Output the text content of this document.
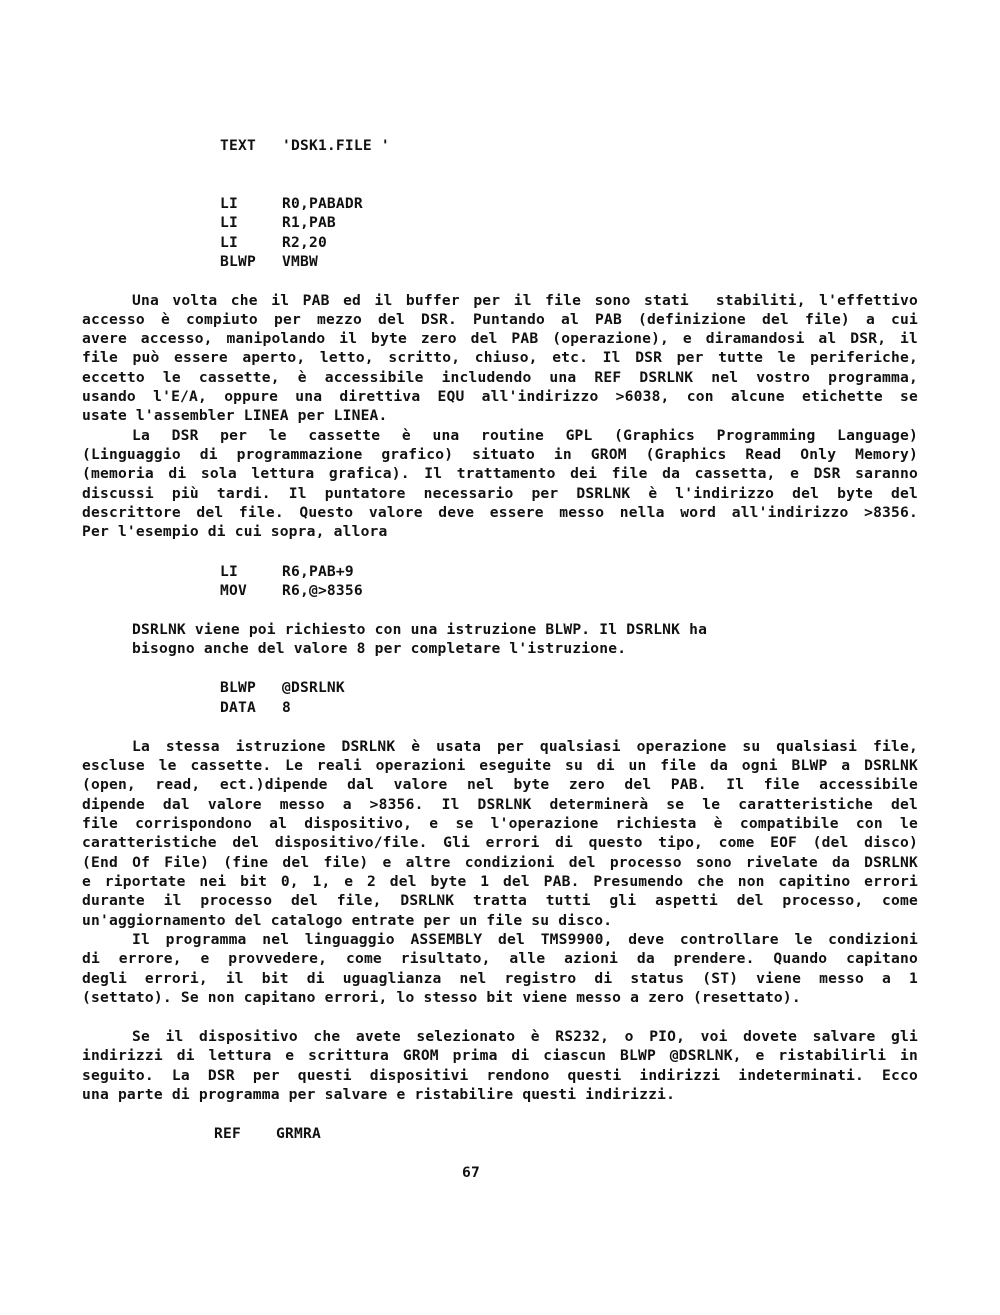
TEXT 'DSK1.FILE '
LI	R0,PABADR
LI	R1,PAB
LI	R2,20
BLWP VMBW
Una volta che il PAB ed il buffer per il file sono stati  stabiliti, l'effettivo
accesso è compiuto per mezzo del DSR. Puntando al PAB (definizione del file) a cui
avere accesso, manipolando il byte zero del PAB (operazione), e diramandosi al DSR, il
file può essere aperto, letto, scritto, chiuso, etc. Il DSR per tutte le periferiche,
eccetto le cassette, è accessibile includendo una REF DSRLNK nel vostro programma,
usando l'E/A, oppure una direttiva EQU all'indirizzo >6038, con alcune etichette se
usate l'assembler LINEA per LINEA.
La DSR per le cassette è una routine GPL (Graphics Programming Language)
(Linguaggio di programmazione grafico) situato in GROM (Graphics Read Only Memory)
(memoria di sola lettura grafica). Il trattamento dei file da cassetta, e DSR saranno
discussi più tardi. Il puntatore necessario per DSRLNK è l'indirizzo del byte del
descrittore del file. Questo valore deve essere messo nella word all'indirizzo >8356.
Per l'esempio di cui sopra, allora
LI	R6,PAB+9
MOV R6,@>8356
DSRLNK viene poi richiesto con una istruzione BLWP. Il DSRLNK ha
bisogno anche del valore 8 per completare l'istruzione.
BLWP @DSRLNK
DATA 8
La stessa istruzione DSRLNK è usata per qualsiasi operazione su qualsiasi file,
escluse le cassette. Le reali operazioni eseguite su di un file da ogni BLWP a DSRLNK
(open, read, ect.)dipende dal valore nel byte zero del PAB. Il file accessibile
dipende dal valore messo a >8356. Il DSRLNK determinerà se le caratteristiche del
file corrispondono al dispositivo, e se l'operazione richiesta è compatibile con le
caratteristiche del dispositivo/file. Gli errori di questo tipo, come EOF (del disco)
(End Of File) (fine del file) e altre condizioni del processo sono rivelate da DSRLNK
e riportate nei bit 0, 1, e 2 del byte 1 del PAB. Presumendo che non capitino errori
durante il processo del file, DSRLNK tratta tutti gli aspetti del processo, come
un'aggiornamento del catalogo entrate per un file su disco.
Il programma nel linguaggio ASSEMBLY del TMS9900, deve controllare le condizioni
di errore, e provvedere, come risultato, alle azioni da prendere. Quando capitano
degli errori, il bit di uguaglianza nel registro di status (ST) viene messo a 1
(settato). Se non capitano errori, lo stesso bit viene messo a zero (resettato).
Se il dispositivo che avete selezionato è RS232, o PIO, voi dovete salvare gli
indirizzi di lettura e scrittura GROM prima di ciascun BLWP @DSRLNK, e ristabilirli in
seguito. La DSR per questi dispositivi rendono questi indirizzi indeterminati. Ecco
una parte di programma per salvare e ristabilire questi indirizzi.
REF GRMRA
67
